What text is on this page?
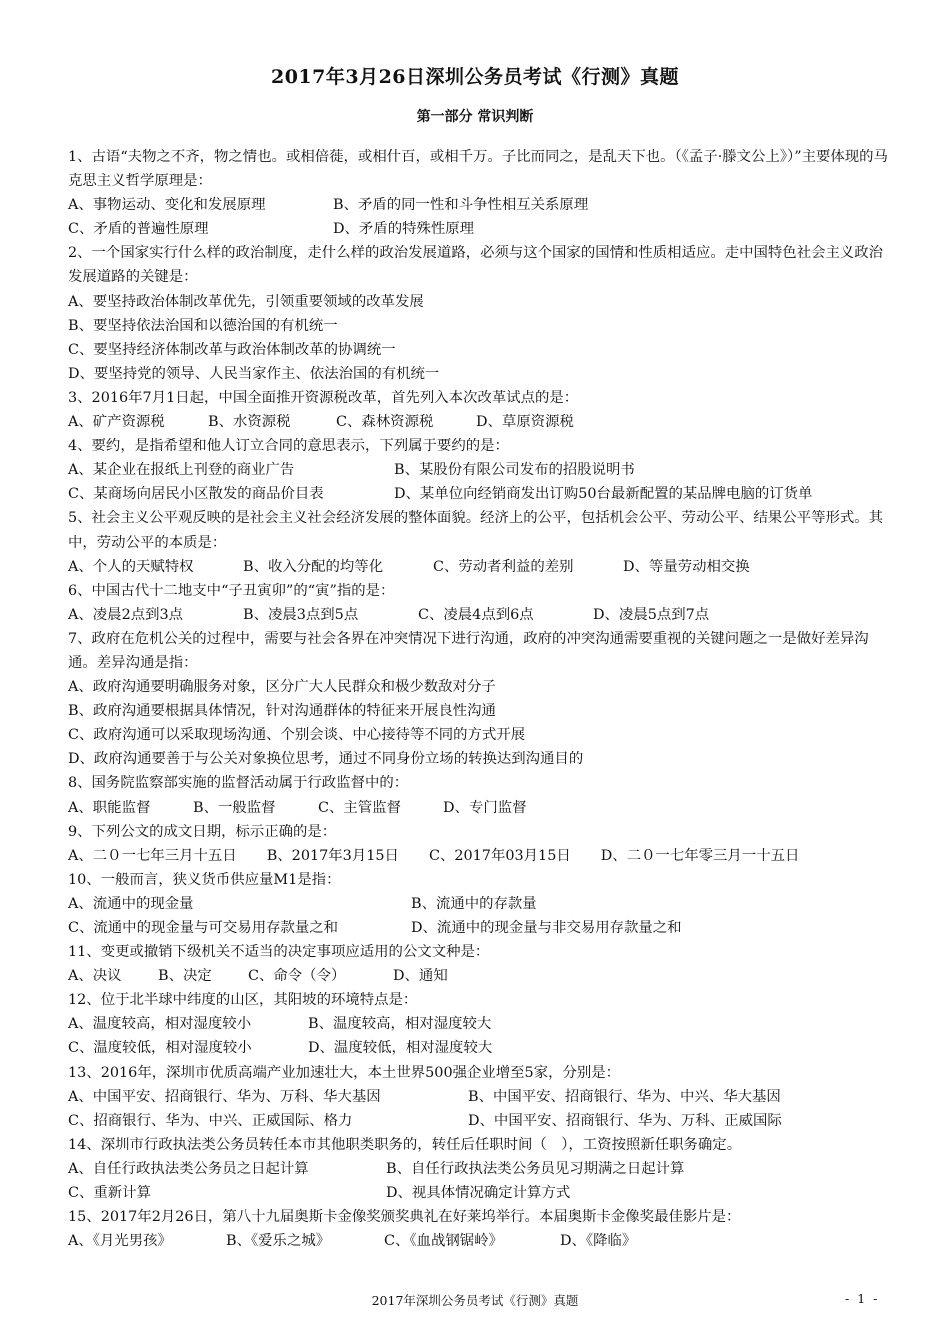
2017年3月26日深圳公务员考试《行测》真题
第一部分 常识判断
1、古语“夫物之不齐，物之情也。或相倍蓰，或相什百，或相千万。子比而同之，是乱天下也。（《孟子·滕文公上》）”主要体现的马克思主义哲学原理是：
A、事物运动、变化和发展原理	B、矛盾的同一性和斗争性相互关系原理
C、矛盾的普遍性原理	D、矛盾的特殊性原理
2、一个国家实行什么样的政治制度，走什么样的政治发展道路，必须与这个国家的国情和性质相适应。走中国特色社会主义政治发展道路的关键是：
A、要坚持政治体制改革优先，引领重要领域的改革发展
B、要坚持依法治国和以德治国的有机统一
C、要坚持经济体制改革与政治体制改革的协调统一
D、要坚持党的领导、人民当家作主、依法治国的有机统一
3、2016年7月1日起，中国全面推开资源税改革，首先列入本次改革试点的是：
A、矿产资源税	B、水资源税	C、森林资源税	D、草原资源税
4、要约，是指希望和他人订立合同的意思表示，下列属于要约的是：
A、某企业在报纸上刊登的商业广告	B、某股份有限公司发布的招股说明书
C、某商场向居民小区散发的商品价目表	D、某单位向经销商发出订购50台最新配置的某品牌电脑的订货单
5、社会主义公平观反映的是社会主义社会经济发展的整体面貌。经济上的公平，包括机会公平、劳动公平、结果公平等形式。其中，劳动公平的本质是：
A、个人的天赋特权	B、收入分配的均等化	C、劳动者利益的差别	D、等量劳动相交换
6、中国古代十二地支中“子丑寅卯”的“寅”指的是：
A、凌晨2点到3点	B、凌晨3点到5点	C、凌晨4点到6点	D、凌晨5点到7点
7、政府在危机公关的过程中，需要与社会各界在冲突情况下进行沟通，政府的冲突沟通需要重视的关键问题之一是做好差异沟通。差异沟通是指：
A、政府沟通要明确服务对象，区分广大人民群众和极少数敌对分子
B、政府沟通要根据具体情况，针对沟通群体的特征来开展良性沟通
C、政府沟通可以采取现场沟通、个别会谈、中心接待等不同的方式开展
D、政府沟通要善于与公关对象换位思考，通过不同身份立场的转换达到沟通目的
8、国务院监察部实施的监督活动属于行政监督中的：
A、职能监督	B、一般监督	C、主管监督	D、专门监督
9、下列公文的成文日期，标示正确的是：
A、二０一七年三月十五日 B、2017年3月15日 C、2017年03月15日 D、二０一七年零三月一十五日
10、一般而言，狭义货币供应量M1是指：
A、流通中的现金量	B、流通中的存款量
C、流通中的现金量与可交易用存款量之和	D、流通中的现金量与非交易用存款量之和
11、变更或撤销下级机关不适当的决定事项应适用的公文文种是：
A、决议	B、决定	C、命令（令）	D、通知
12、位于北半球中纬度的山区，其阳坡的环境特点是：
A、温度较高，相对湿度较小	B、温度较高，相对湿度较大
C、温度较低，相对湿度较小	D、温度较低，相对湿度较大
13、2016年，深圳市优质高端产业加速壮大，本土世界500强企业增至5家，分别是：
A、中国平安、招商银行、华为、万科、华大基因	B、中国平安、招商银行、华为、中兴、华大基因
C、招商银行、华为、中兴、正威国际、格力	D、中国平安、招商银行、华为、万科、正威国际
14、深圳市行政执法类公务员转任本市其他职类职务的，转任后任职时间（　），工资按照新任职务确定。
A、自任行政执法类公务员之日起计算	B、自任行政执法类公务员见习期满之日起计算
C、重新计算	D、视具体情况确定计算方式
15、2017年2月26日，第八十九届奥斯卡金像奖颁奖典礼在好莱坞举行。本届奥斯卡金像奖最佳影片是：
A、《月光男孩》	B、《爱乐之城》	C、《血战钢锯岭》	D、《降临》
2017年深圳公务员考试《行测》真题	- 1 -
